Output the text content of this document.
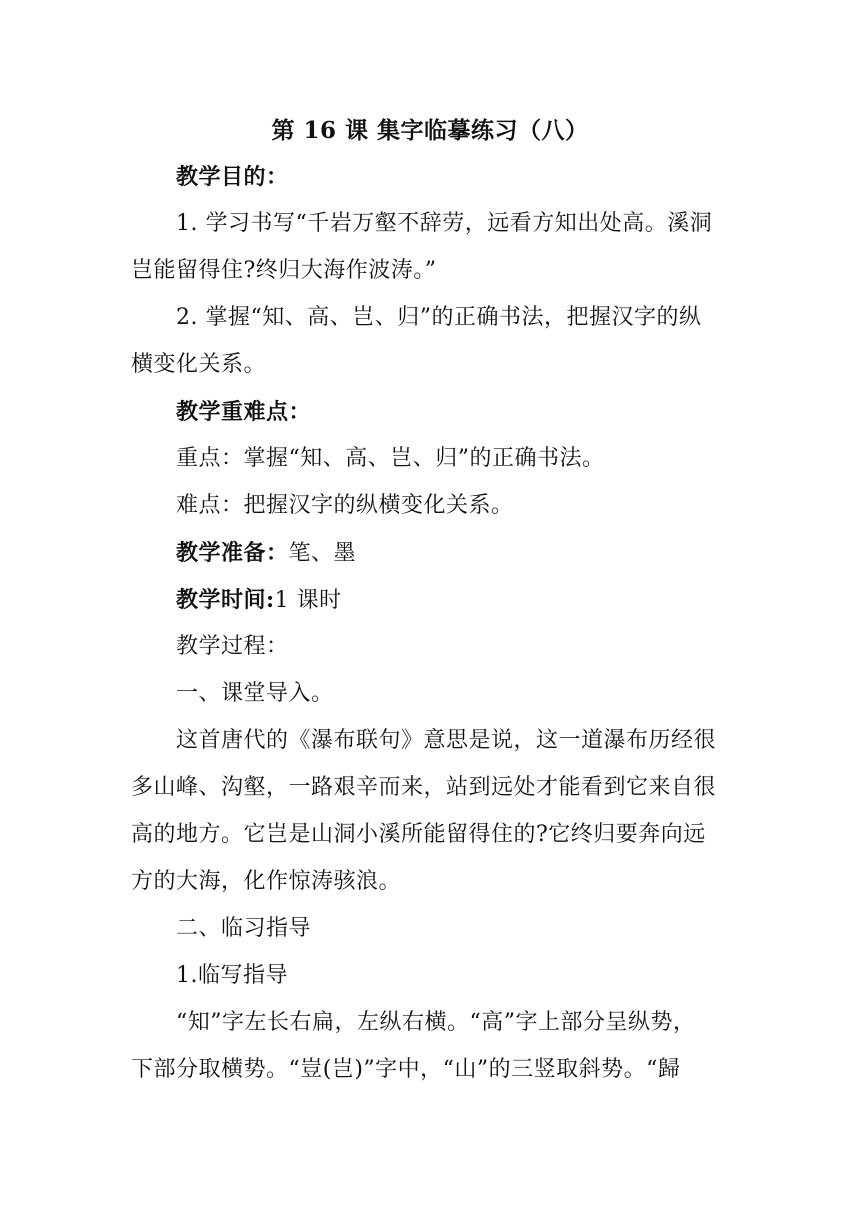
第 16 课 集字临摹练习（八）
教学目的：
1. 学习书写“千岩万壑不辞劳，远看方知出处高。溪洞
岂能留得住?终归大海作波涛。”
2. 掌握“知、高、岂、归”的正确书法，把握汉字的纵
横变化关系。
教学重难点：
重点：掌握“知、高、岂、归”的正确书法。
难点：把握汉字的纵横变化关系。
教学准备：笔、墨
教学时间:1 课时
教学过程：
一、课堂导入。
这首唐代的《瀑布联句》意思是说，这一道瀑布历经很
多山峰、沟壑，一路艰辛而来，站到远处才能看到它来自很
高的地方。它岂是山洞小溪所能留得住的?它终归要奔向远
方的大海，化作惊涛骇浪。
二、临习指导
1.临写指导
“知”字左长右扁，左纵右横。“高”字上部分呈纵势，
下部分取横势。“豈(岂)”字中，“山”的三竖取斜势。“歸
